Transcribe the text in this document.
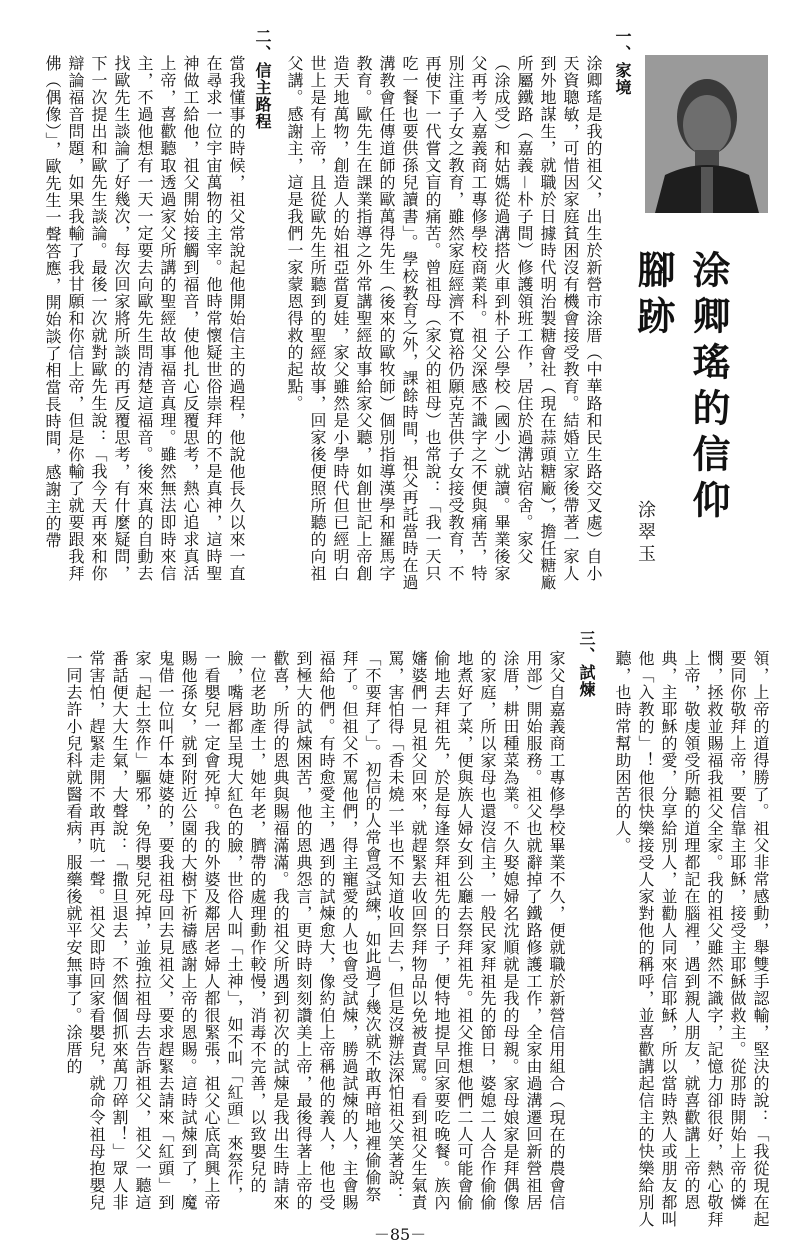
一、家境
涂卿瑤的信仰腳跡
涂翠玉
涂卿瑤是我的祖父，出生於新營市涂厝（中華路和民生路交叉處）自小天資聰敏，可惜因家庭貧困沒有機會接受教育。結婚立家後帶著一家人到外地謀生，就職於日據時代明治製糖會社（現在蒜頭糖廠），擔任糖廠所屬鐵路（嘉義－朴子間）修護領班工作，居住於過溝站宿舍。家父（涂成受）和姑媽從過溝搭火車到朴子公學校（國小）就讀。畢業後家父再考入嘉義商工專修學校商業科。祖父深感不識字之不便與痛苦，特別注重子女之教育，雖然家庭經濟不寬裕仍願克苦供子女接受教育，不再使下一代嘗文盲的痛苦。曾祖母（家父的祖母）也常說：「我一天只吃一餐也要供孫兒讀書」。學校教育之外，課餘時間，祖父再託當時在過溝教會任傳道師的歐萬得先生（後來的歐牧師）個別指導漢學和羅馬字教育。歐先生在課業指導之外常講聖經故事給家父聽，如創世記上帝創造天地萬物，創造人的始祖亞當夏娃，家父雖然是小學時代但已經明白世上是有上帝，且從歐先生所聽到的聖經故事，回家後便照所聽的向祖父講。感謝主，這是我們一家蒙恩得救的起點。
二、信主路程
當我懂事的時候，祖父常說起他開始信主的過程，他說他長久以來一直在尋求一位宇宙萬物的主宰。他時常懷疑世俗崇拜的不是真神，這時聖神做工給他，祖父開始接觸到福音，使他扎心反覆思考，熱心追求真活上帝，喜歡聽取透過家父所講的聖經故事福音真理。雖然無法即時來信主，不過他想有一天一定要去向歐先生問清楚這福音。後來真的自動去找歐先生談論了好幾次，每次回家將所談的再反覆思考，有什麼疑問，下一次提出和歐先生談論。最後一次就對歐先生說：「我今天再來和你辯論福音問題，如果我輸了我甘願和你信上帝，但是你輸了就要跟我拜佛（偶像）」，歐先生一聲答應，開始談了相當長時間，感謝主的帶
領，上帝的道得勝了。祖父非常感動，舉雙手認輸，堅決的說：「我從現在起要同你敬拜上帝，要信靠主耶穌，接受主耶穌做救主。從那時開始上帝的憐憫，拯救並賜福我祖父全家。我的祖父雖然不識字，記憶力卻很好，熱心敬拜上帝，敬虔領受所聽的道理都記在腦裡，遇到親人朋友，就喜歡講上帝的恩典，主耶穌的愛，分享給別人，並勸人同來信耶穌，所以當時熟人或朋友都叫他「入教的」！他很快樂接受人家對他的稱呼，並喜歡講起信主的快樂給別人聽，也時常幫助困苦的人。
三、試煉
家父自嘉義商工專修學校畢業不久，便就職於新營信用組合（現在的農會信用部）開始服務。祖父也就辭掉了鐵路修護工作，全家由過溝遷回新營祖居涂厝，耕田種菜為業。不久娶媳婦名沈順就是我的母親。家母娘家是拜偶像的家庭，所以家母也還沒信主，一般民家拜祖先的節日，婆媳二人合作偷偷地煮好了菜，便與族人婦女到公廳去祭拜祖先。祖父推想他們二人可能會偷偷地去拜祖先，於是每逢祭拜祖先的日子，便特地提早回家要吃晚餐。族內嬸婆們一見祖父回來，就趕緊去收回祭拜物品以免被責罵。看到祖父生氣責罵，害怕得「香未燒一半也不知道收回去」，但是沒辦法深怕祖父笑著說：「不要拜了」。初信的人常會受試練，如此過了幾次就不敢再暗地裡偷偷祭拜了。但祖父不罵他們，得主寵愛的人也會受試煉，勝過試煉的人，主會賜福給他們。有時愈愛主，遇到的試煉愈大，像約伯上帝稱他的義人，他也受到極大的試煉困苦，他的恩典怨言，更時時刻刻讚美上帝，最後得著上帝的歡喜，所得的恩典與賜福滿滿。我的祖父所遇到初次的試煉是我出生時請來一位老助產士，她年老，臍帶的處理動作較慢，消毒不完善，以致嬰兒的臉，嘴唇都呈現大紅色的臉，世俗人叫「土神」，如不叫「紅頭」來祭作，一看嬰兒一定會死掉。我的外婆及鄰居老婦人都很緊張，祖父心底高興上帝賜他孫女，就到附近公園的大樹下祈禱感謝上帝的恩賜。這時試煉到了，魔鬼借一位叫仟本婕婆的，要我祖母回去見祖父，要求趕緊去請來「紅頭」到家「起土祭作」驅邪，免得嬰兒死掉，並強拉祖母去告訴祖父，祖父一聽這番話便大大生氣，大聲說：「撒旦退去，不然個個抓來萬刀碎割！」眾人非常害怕，趕緊走開不敢再吭一聲。祖父即時回家看嬰兒，就命令祖母抱嬰兒一同去許小兒科就醫看病，服藥後就平安無事了。涂厝的
－85－
